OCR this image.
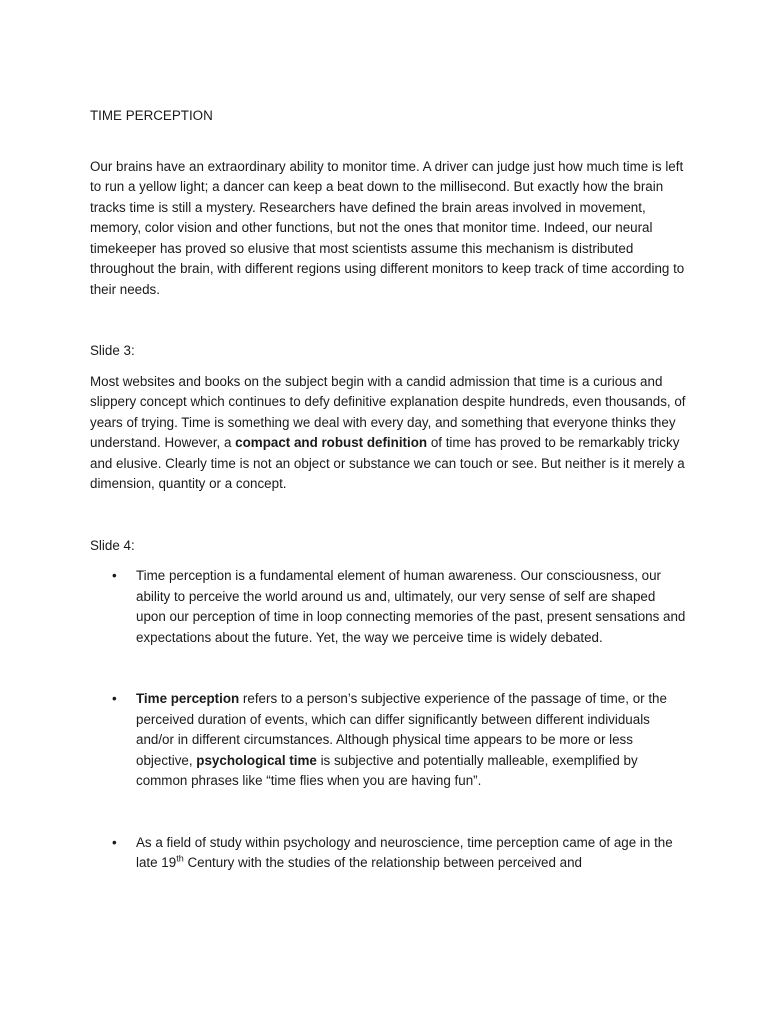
TIME PERCEPTION

Our brains have an extraordinary ability to monitor time. A driver can judge just how much time is left to run a yellow light; a dancer can keep a beat down to the millisecond. But exactly how the brain tracks time is still a mystery. Researchers have defined the brain areas involved in movement, memory, color vision and other functions, but not the ones that monitor time. Indeed, our neural timekeeper has proved so elusive that most scientists assume this mechanism is distributed throughout the brain, with different regions using different monitors to keep track of time according to their needs.

Slide 3:

Most websites and books on the subject begin with a candid admission that time is a curious and slippery concept which continues to defy definitive explanation despite hundreds, even thousands, of years of trying. Time is something we deal with every day, and something that everyone thinks they understand. However, a compact and robust definition of time has proved to be remarkably tricky and elusive. Clearly time is not an object or substance we can touch or see. But neither is it merely a dimension, quantity or a concept.

Slide 4:

• Time perception is a fundamental element of human awareness. Our consciousness, our ability to perceive the world around us and, ultimately, our very sense of self are shaped upon our perception of time in loop connecting memories of the past, present sensations and expectations about the future. Yet, the way we perceive time is widely debated.
• Time perception refers to a person’s subjective experience of the passage of time, or the perceived duration of events, which can differ significantly between different individuals and/or in different circumstances. Although physical time appears to be more or less objective, psychological time is subjective and potentially malleable, exemplified by common phrases like “time flies when you are having fun”.
• As a field of study within psychology and neuroscience, time perception came of age in the late 19th Century with the studies of the relationship between perceived and
